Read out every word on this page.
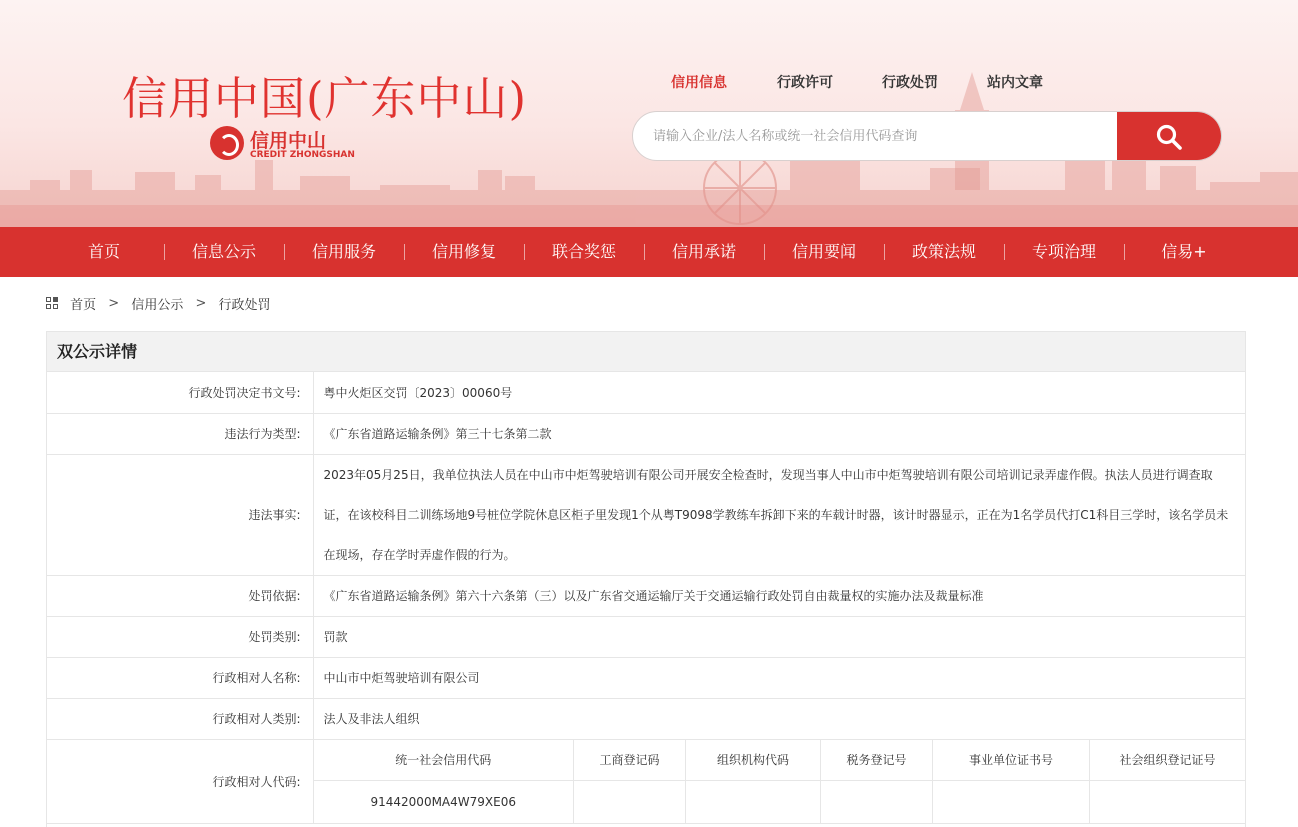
信用中国(广东中山)
信用中山
CREDIT ZHONGSHAN
信用信息	行政许可	行政处罚	站内文章
请输入企业/法人名称或统一社会信用代码查询
首页	信息公示	信用服务	信用修复	联合奖惩	信用承诺	信用要闻	政策法规	专项治理	信易+
首页 > 信用公示 > 行政处罚
双公示详情
行政处罚决定书文号:	粤中火炬区交罚〔2023〕00060号
违法行为类型:	《广东省道路运输条例》第三十七条第二款
违法事实:	2023年05月25日，我单位执法人员在中山市中炬驾驶培训有限公司开展安全检查时，发现当事人中山市中炬驾驶培训有限公司培训记录弄虚作假。执法人员进行调查取证，在该校科目二训练场地9号桩位学院休息区柜子里发现1个从粤T9098学教练车拆卸下来的车载计时器，该计时器显示，正在为1名学员代打C1科目三学时，该名学员未在现场，存在学时弄虚作假的行为。
处罚依据:	《广东省道路运输条例》第六十六条第（三）以及广东省交通运输厅关于交通运输行政处罚自由裁量权的实施办法及裁量标准
处罚类别:	罚款
行政相对人名称:	中山市中炬驾驶培训有限公司
行政相对人类别:	法人及非法人组织
行政相对人代码:	
统一社会信用代码	工商登记码	组织机构代码	税务登记号	事业单位证书号	社会组织登记证号
91442000MA4W79XE06					
